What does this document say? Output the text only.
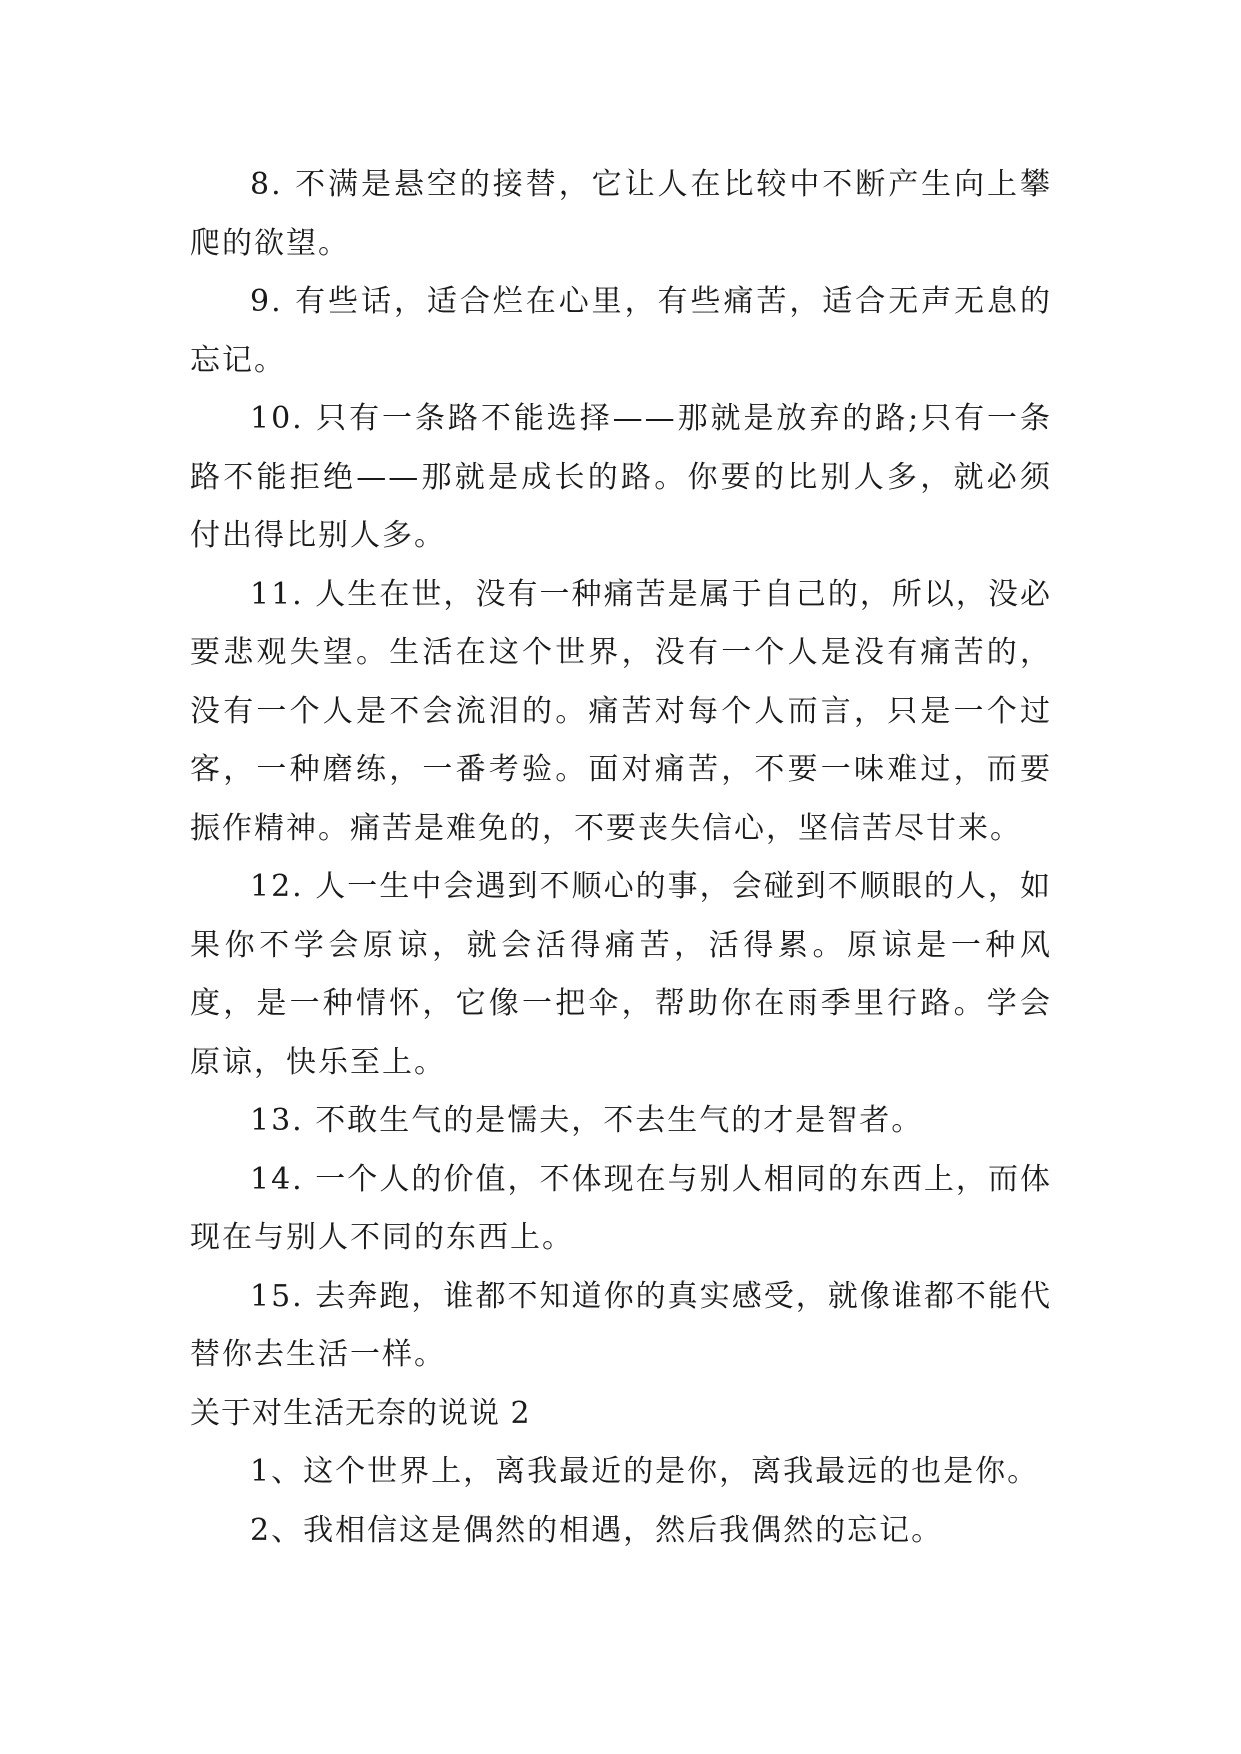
8. 不满是悬空的接替，它让人在比较中不断产生向上攀爬的欲望。

9. 有些话，适合烂在心里，有些痛苦，适合无声无息的忘记。

10. 只有一条路不能选择——那就是放弃的路;只有一条路不能拒绝——那就是成长的路。你要的比别人多，就必须付出得比别人多。

11. 人生在世，没有一种痛苦是属于自己的，所以，没必要悲观失望。生活在这个世界，没有一个人是没有痛苦的，没有一个人是不会流泪的。痛苦对每个人而言，只是一个过客，一种磨练，一番考验。面对痛苦，不要一味难过，而要振作精神。痛苦是难免的，不要丧失信心，坚信苦尽甘来。

12. 人一生中会遇到不顺心的事，会碰到不顺眼的人，如果你不学会原谅，就会活得痛苦，活得累。原谅是一种风度，是一种情怀，它像一把伞，帮助你在雨季里行路。学会原谅，快乐至上。

13. 不敢生气的是懦夫，不去生气的才是智者。

14. 一个人的价值，不体现在与别人相同的东西上，而体现在与别人不同的东西上。

15. 去奔跑，谁都不知道你的真实感受，就像谁都不能代替你去生活一样。

关于对生活无奈的说说 2

1、这个世界上，离我最近的是你，离我最远的也是你。

2、我相信这是偶然的相遇，然后我偶然的忘记。
